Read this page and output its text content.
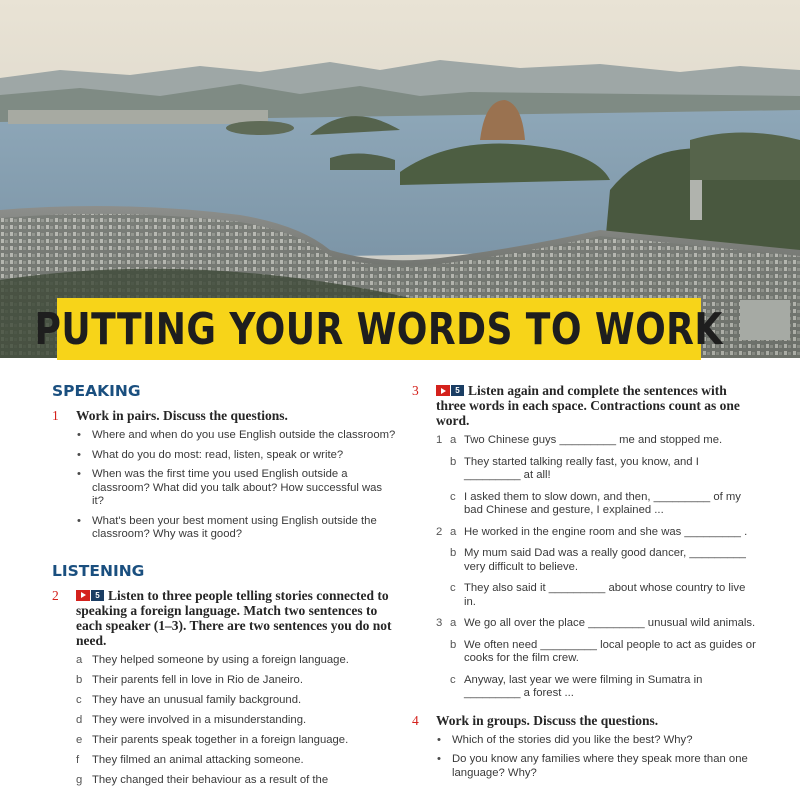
PUTTING YOUR WORDS TO WORK
SPEAKING
1	Work in pairs. Discuss the questions.
• Where and when do you use English outside the classroom?
• What do you do most: read, listen, speak or write?
• When was the first time you used English outside a classroom? What did you talk about? How successful was it?
• What's been your best moment using English outside the classroom? Why was it good?
LISTENING
2	5 Listen to three people telling stories connected to speaking a foreign language. Match two sentences to each speaker (1–3). There are two sentences you do not need.
a They helped someone by using a foreign language.
b Their parents fell in love in Rio de Janeiro.
c They have an unusual family background.
d They were involved in a misunderstanding.
e Their parents speak together in a foreign language.
f	They filmed an animal attacking someone.
g They changed their behaviour as a result of the
3	5 Listen again and complete the sentences with three words in each space. Contractions count as one word.
1 a Two Chinese guys _________ me and stopped me.
b They started talking really fast, you know, and I _________ at all!
c I asked them to slow down, and then, _________ of my bad Chinese and gesture, I explained ...
2 a He worked in the engine room and she was _________ .
b My mum said Dad was a really good dancer, _________ very difficult to believe.
c They also said it _________ about whose country to live in.
3 a We go all over the place _________ unusual wild animals.
b We often need _________ local people to act as guides or cooks for the film crew.
c Anyway, last year we were filming in Sumatra in _________ a forest ...
4	Work in groups. Discuss the questions.
• Which of the stories did you like the best? Why?
• Do you know any families where they speak more than one language? Why?
